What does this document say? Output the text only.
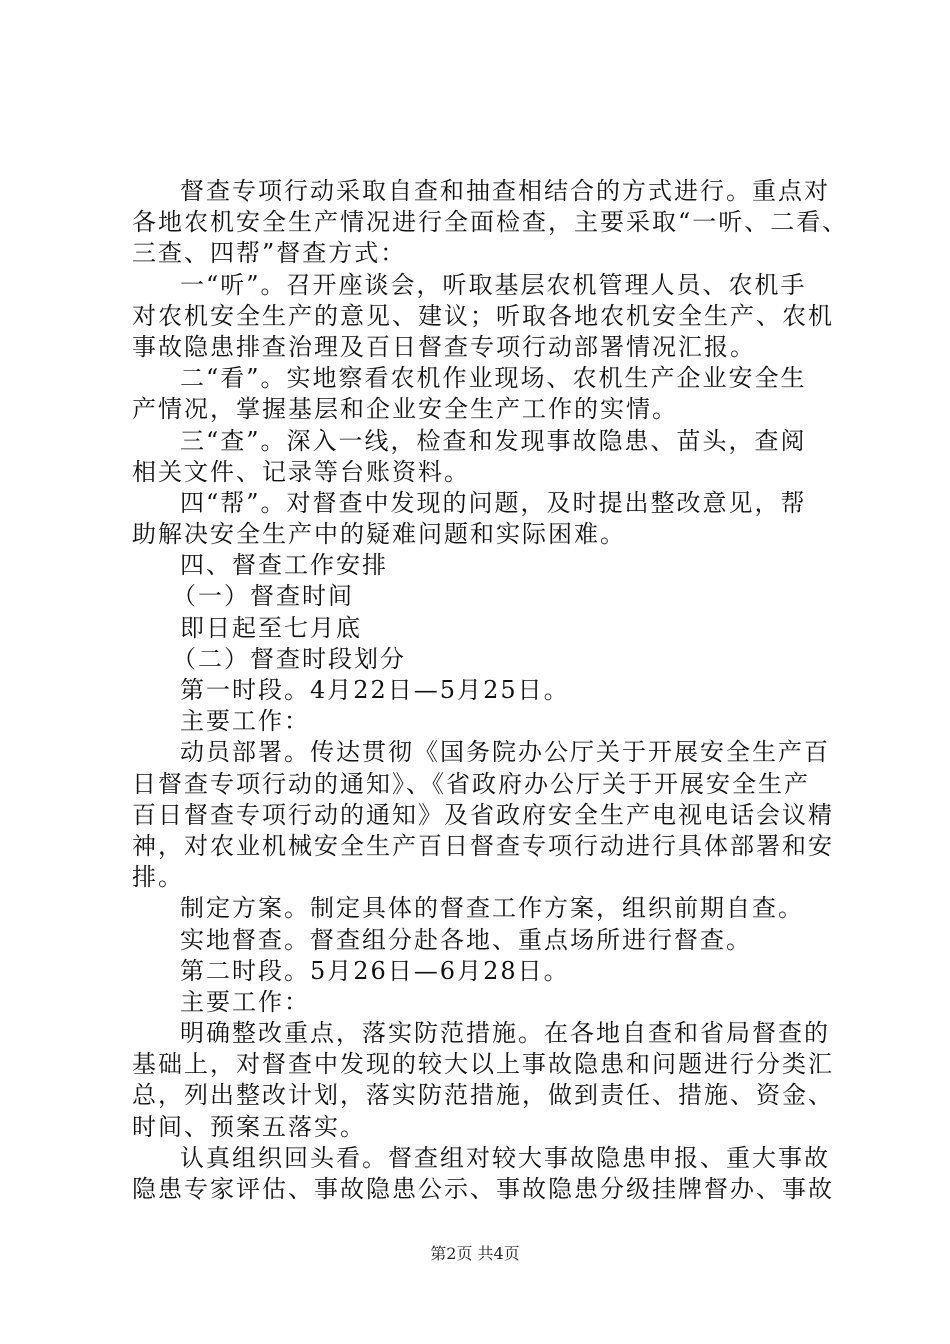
督查专项行动采取自查和抽查相结合的方式进行。重点对
各地农机安全生产情况进行全面检查，主要采取“一听、二看、
三查、四帮”督查方式：
一“听”。召开座谈会，听取基层农机管理人员、农机手
对农机安全生产的意见、建议；听取各地农机安全生产、农机
事故隐患排查治理及百日督查专项行动部署情况汇报。
二“看”。实地察看农机作业现场、农机生产企业安全生
产情况，掌握基层和企业安全生产工作的实情。
三“查”。深入一线，检查和发现事故隐患、苗头，查阅
相关文件、记录等台账资料。
四“帮”。对督查中发现的问题，及时提出整改意见，帮
助解决安全生产中的疑难问题和实际困难。
四、督查工作安排
（一）督查时间
即日起至七月底
（二）督查时段划分
第一时段。4月22日—5月25日。
主要工作：
动员部署。传达贯彻《国务院办公厅关于开展安全生产百
日督查专项行动的通知》、《省政府办公厅关于开展安全生产
百日督查专项行动的通知》及省政府安全生产电视电话会议精
神，对农业机械安全生产百日督查专项行动进行具体部署和安
排。
制定方案。制定具体的督查工作方案，组织前期自查。
实地督查。督查组分赴各地、重点场所进行督查。
第二时段。5月26日—6月28日。
主要工作：
明确整改重点，落实防范措施。在各地自查和省局督查的
基础上，对督查中发现的较大以上事故隐患和问题进行分类汇
总，列出整改计划，落实防范措施，做到责任、措施、资金、
时间、预案五落实。
认真组织回头看。督查组对较大事故隐患申报、重大事故
隐患专家评估、事故隐患公示、事故隐患分级挂牌督办、事故
第2页 共4页
